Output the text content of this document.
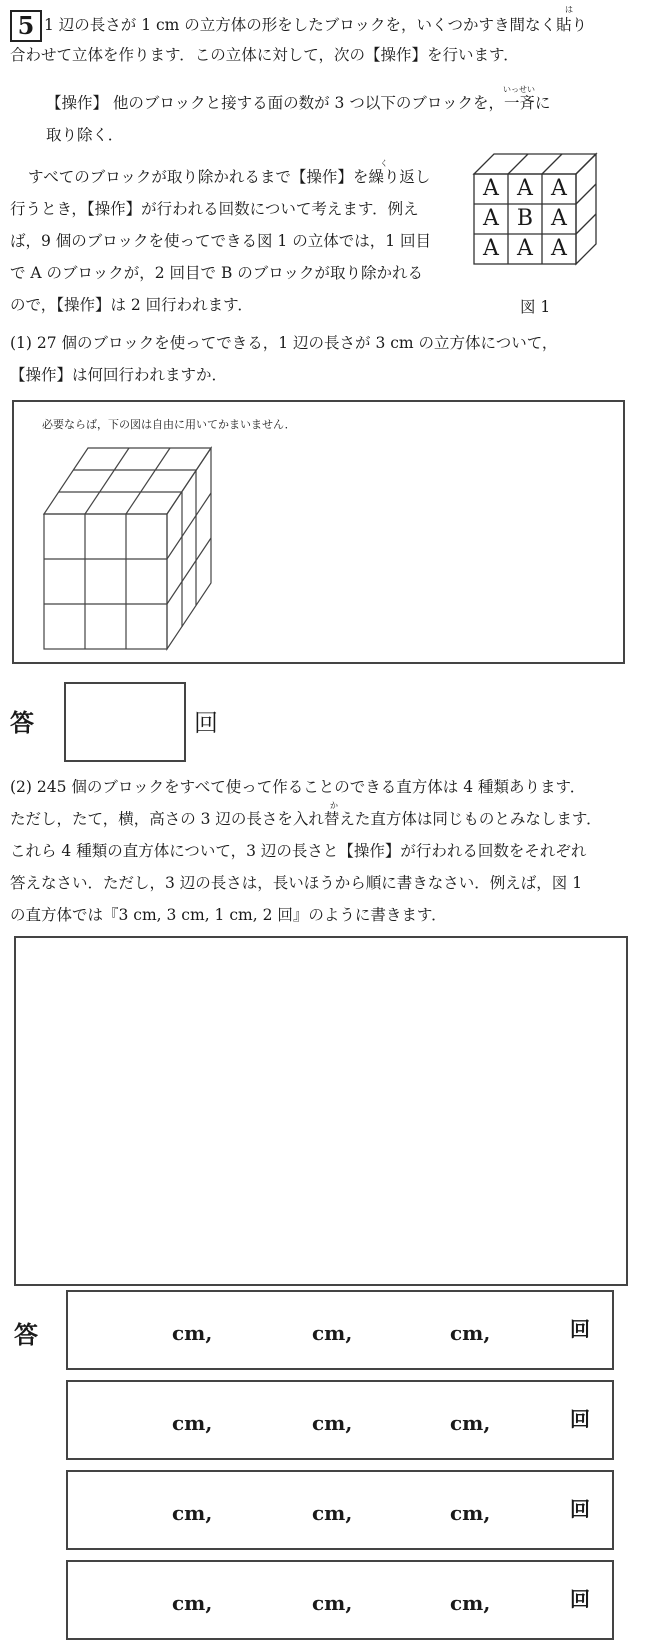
5
は
1 辺の長さが 1 cm の立方体の形をしたブロックを，いくつかすき間なく貼り
合わせて立体を作ります．この立体に対して，次の【操作】を行います．
いっせい
【操作】 他のブロックと接する面の数が 3 つ以下のブロックを，一斉に
取り除く．
く
すべてのブロックが取り除かれるまで【操作】を繰り返し
行うとき，【操作】が行われる回数について考えます．例え
ば，9 個のブロックを使ってできる図 1 の立体では，1 回目
で A のブロックが，2 回目で B のブロックが取り除かれる
ので，【操作】は 2 回行われます．
A A A
A B A
A A A
図 1
(1) 27 個のブロックを使ってできる，1 辺の長さが 3 cm の立方体について，
【操作】は何回行われますか．
必要ならば，下の図は自由に用いてかまいません．
答	回
(2) 245 個のブロックをすべて使って作ることのできる直方体は 4 種類あります．
か
ただし，たて，横，高さの 3 辺の長さを入れ替えた直方体は同じものとみなします．
これら 4 種類の直方体について，3 辺の長さと【操作】が行われる回数をそれぞれ
答えなさい．ただし，3 辺の長さは，長いほうから順に書きなさい．例えば，図 1
の直方体では『3 cm, 3 cm, 1 cm, 2 回』のように書きます．
答	cm,	cm,	cm,	回
cm,	cm,	cm,	回
cm,	cm,	cm,	回
cm,	cm,	cm,	回
